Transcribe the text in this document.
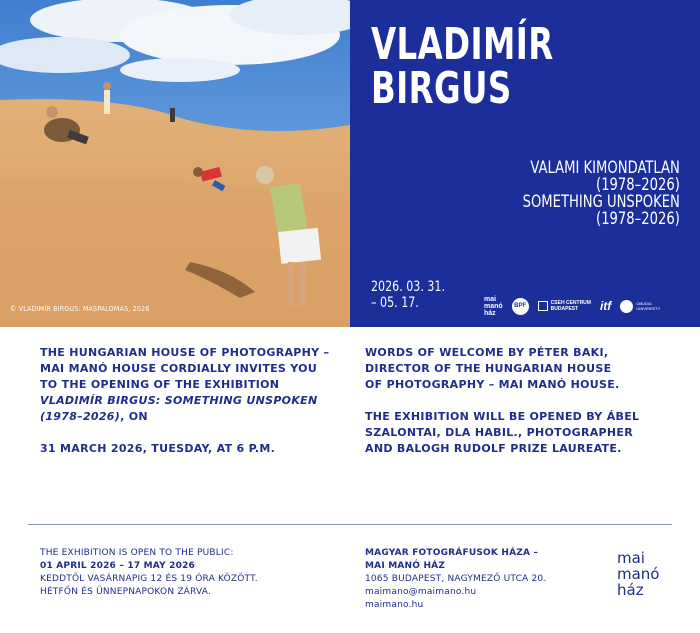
© VLADIMÍR BIRGUS: MASPALOMAS, 2026
VLADIMÍR
BIRGUS
VALAMI KIMONDATLAN
(1978–2026)
SOMETHING UNSPOKEN
(1978–2026)
2026. 03. 31.
– 05. 17.	mai
manó
ház
BPF	CSEH CENTRUM
BUDAPEST	itf	OBUDAI
UNIVERSITY

THE HUNGARIAN HOUSE OF PHOTOGRAPHY –

MAI MANÓ HOUSE CORDIALLY INVITES YOU

TO THE OPENING OF THE EXHIBITION

VLADIMÍR BIRGUS: SOMETHING UNSPOKEN

(1978–2026), ON

31 MARCH 2026, TUESDAY, AT 6 P.M.

WORDS OF WELCOME BY PÉTER BAKI,

DIRECTOR OF THE HUNGARIAN HOUSE

OF PHOTOGRAPHY – MAI MANÓ HOUSE.

THE EXHIBITION WILL BE OPENED BY ÁBEL

SZALONTAI, DLA HABIL., PHOTOGRAPHER

AND BALOGH RUDOLF PRIZE LAUREATE.

THE EXHIBITION IS OPEN TO THE PUBLIC:
01 APRIL 2026 – 17 MAY 2026
KEDDTŐL VASÁRNAPIG 12 ÉS 19 ÓRA KÖZÖTT.
HÉTFŐN ÉS ÜNNEPNAPOKON ZÁRVA.
MAGYAR FOTOGRÁFUSOK HÁZA –
MAI MANÓ HÁZ
1065 BUDAPEST, NAGYMEZŐ UTCA 20.
maimano@maimano.hu
maimano.hu
mai
manó
ház
